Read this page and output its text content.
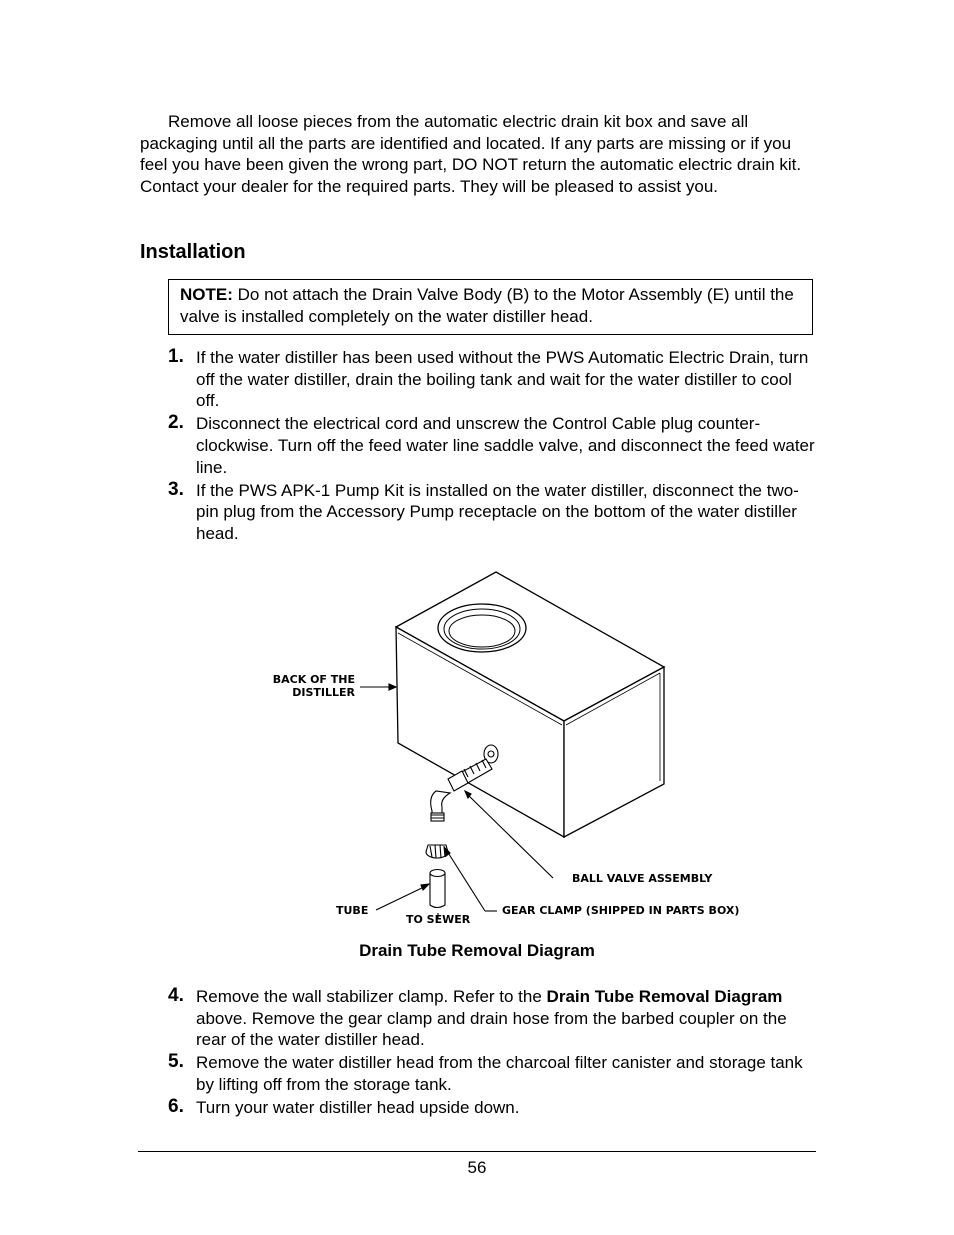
Remove all loose pieces from the automatic electric drain kit box and save all packaging until all the parts are identified and located. If any parts are missing or if you feel you have been given the wrong part, DO NOT return the automatic electric drain kit. Contact your dealer for the required parts. They will be pleased to assist you.

Installation
NOTE: Do not attach the Drain Valve Body (B) to the Motor Assembly (E) until the valve is installed completely on the water distiller head.
1. If the water distiller has been used without the PWS Automatic Electric Drain, turn off the water distiller, drain the boiling tank and wait for the water distiller to cool off.
2. Disconnect the electrical cord and unscrew the Control Cable plug counter-clockwise. Turn off the feed water line saddle valve, and disconnect the feed water line.
3. If the PWS APK-1 Pump Kit is installed on the water distiller, disconnect the two-pin plug from the Accessory Pump receptacle on the bottom of the water distiller head.
BACK OF THE
DISTILLER
BALL VALVE ASSEMBLY
GEAR CLAMP (SHIPPED IN PARTS BOX)
TUBE
TO SEWER
Drain Tube Removal Diagram
4. Remove the wall stabilizer clamp. Refer to the Drain Tube Removal Diagram above. Remove the gear clamp and drain hose from the barbed coupler on the rear of the water distiller head.
5. Remove the water distiller head from the charcoal filter canister and storage tank by lifting off from the storage tank.
6. Turn your water distiller head upside down.
56
